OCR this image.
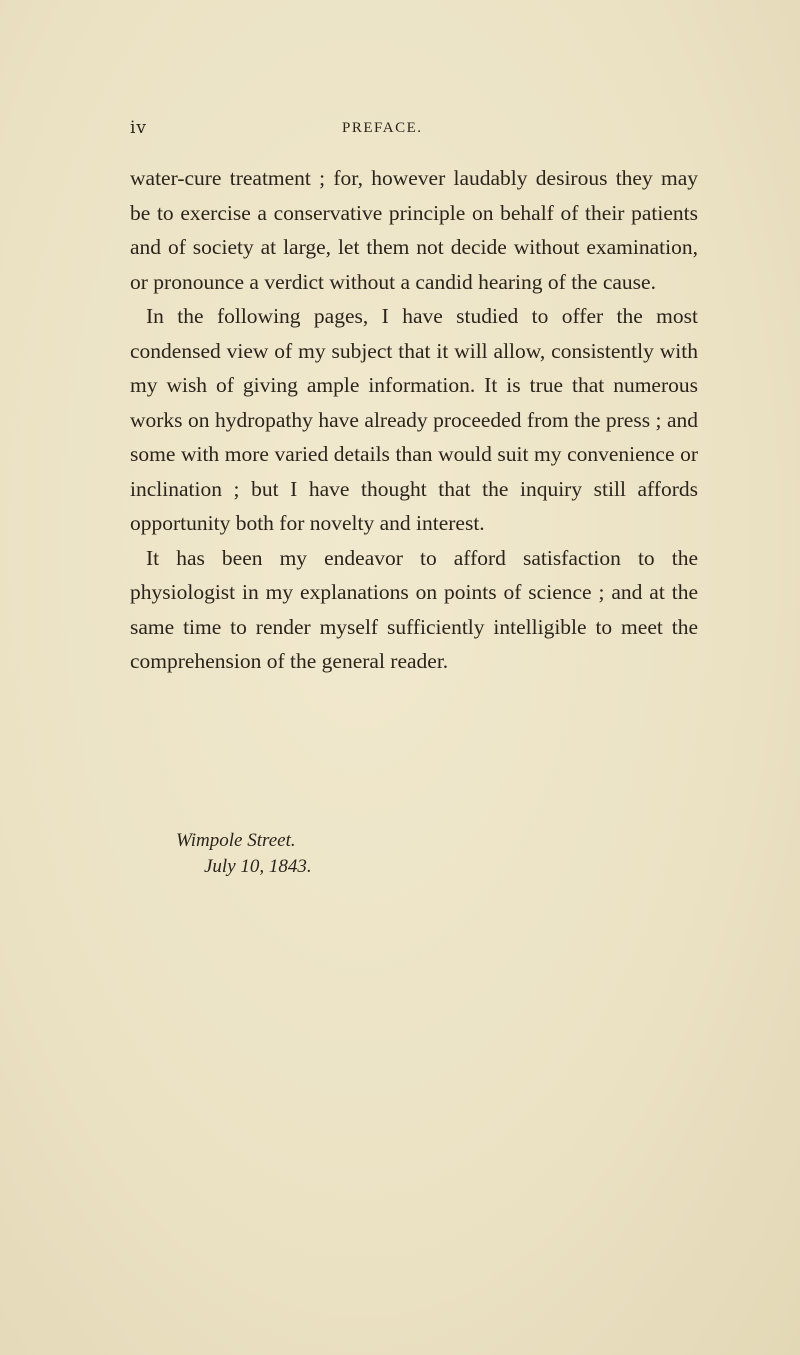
iv	PREFACE.

water-cure treatment ; for, however laudably desirous they may be to exercise a conservative principle on behalf of their patients and of society at large, let them not decide without examination, or pronounce a verdict without a candid hearing of the cause.

In the following pages, I have studied to offer the most condensed view of my subject that it will allow, consistently with my wish of giving ample information. It is true that numerous works on hydropathy have already proceeded from the press ; and some with more varied details than would suit my convenience or inclination ; but I have thought that the inquiry still affords opportunity both for novelty and interest.

It has been my endeavor to afford satisfaction to the physiologist in my explanations on points of science ; and at the same time to render myself sufficiently intelligible to meet the comprehension of the general reader.

Wimpole Street.
July 10, 1843.
